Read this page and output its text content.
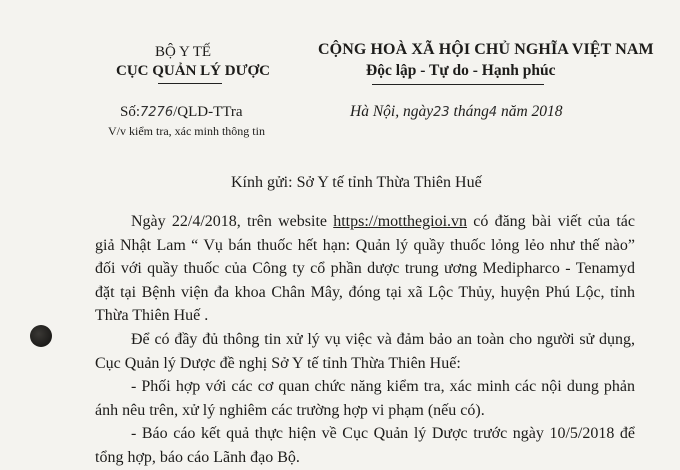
BỘ Y TẾ
CỤC QUẢN LÝ DƯỢC
Số:7276/QLD-TTra
V/v kiểm tra, xác minh thông tin
CỘNG HOÀ XÃ HỘI CHỦ NGHĨA VIỆT NAM
Độc lập - Tự do - Hạnh phúc
Hà Nội, ngày23 tháng4 năm 2018
Kính gửi: Sở Y tế tỉnh Thừa Thiên Huế

Ngày 22/4/2018, trên website https://motthegioi.vn có đăng bài viết của tác giả Nhật Lam “ Vụ bán thuốc hết hạn: Quản lý quầy thuốc lỏng lẻo như thế nào” đối với quầy thuốc của Công ty cổ phần dược trung ương Medipharco - Tenamyd đặt tại Bệnh viện đa khoa Chân Mây, đóng tại xã Lộc Thủy, huyện Phú Lộc, tỉnh Thừa Thiên Huế .

Để có đầy đủ thông tin xử lý vụ việc và đảm bảo an toàn cho người sử dụng, Cục Quản lý Dược đề nghị Sở Y tế tỉnh Thừa Thiên Huế:

- Phối hợp với các cơ quan chức năng kiểm tra, xác minh các nội dung phản ánh nêu trên, xử lý nghiêm các trường hợp vi phạm (nếu có).

- Báo cáo kết quả thực hiện về Cục Quản lý Dược trước ngày 10/5/2018 để tổng hợp, báo cáo Lãnh đạo Bộ.
